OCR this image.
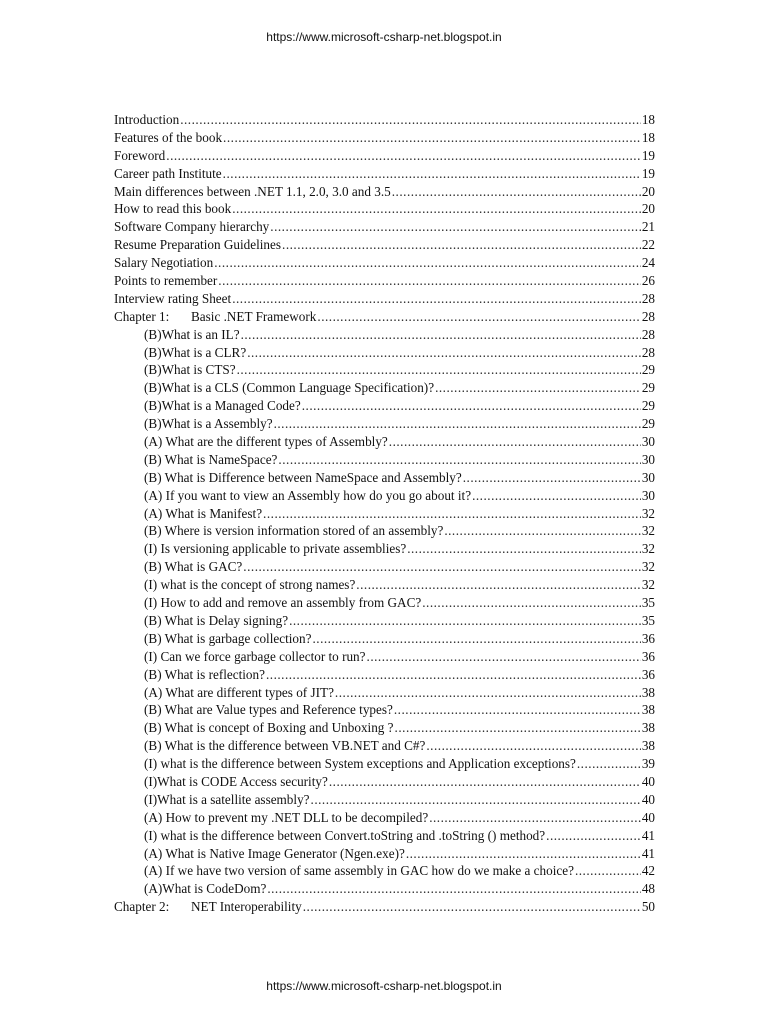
https://www.microsoft-csharp-net.blogspot.in
Introduction .....	18
Features of the book .....	18
Foreword .....	19
Career path Institute .....	19
Main differences between .NET 1.1, 2.0, 3.0 and 3.5 .....	20
How to read this book .....	20
Software Company hierarchy .....	21
Resume Preparation Guidelines .....	22
Salary Negotiation .....	24
Points to remember .....	26
Interview rating Sheet .....	28
Chapter 1: Basic .NET Framework .....	28
(B)What is an IL? .....	28
(B)What is a CLR? .....	28
(B)What is CTS? .....	29
(B)What is a CLS (Common Language Specification)? .....	29
(B)What is a Managed Code? .....	29
(B)What is a Assembly? .....	29
(A) What are the different types of Assembly? .....	30
(B) What is NameSpace? .....	30
(B) What is Difference between NameSpace and Assembly? .....	30
(A) If you want to view an Assembly how do you go about it? .....	30
(A) What is Manifest? .....	32
(B) Where is version information stored of an assembly? .....	32
(I) Is versioning applicable to private assemblies? .....	32
(B) What is GAC? .....	32
(I) what is the concept of strong names? .....	32
(I) How to add and remove an assembly from GAC? .....	35
(B) What is Delay signing? .....	35
(B) What is garbage collection? .....	36
(I) Can we force garbage collector to run? .....	36
(B) What is reflection? .....	36
(A) What are different types of JIT? .....	38
(B) What are Value types and Reference types? .....	38
(B) What is concept of Boxing and Unboxing ? .....	38
(B) What is the difference between VB.NET and C#? .....	38
(I) what is the difference between System exceptions and Application exceptions? .....	39
(I)What is CODE Access security? .....	40
(I)What is a satellite assembly? .....	40
(A) How to prevent my .NET DLL to be decompiled? .....	40
(I) what is the difference between Convert.toString and .toString () method? .....	41
(A) What is Native Image Generator (Ngen.exe)? .....	41
(A) If we have two version of same assembly in GAC how do we make a choice? .....	42
(A)What is CodeDom? .....	48
Chapter 2: NET Interoperability .....	50
https://www.microsoft-csharp-net.blogspot.in
